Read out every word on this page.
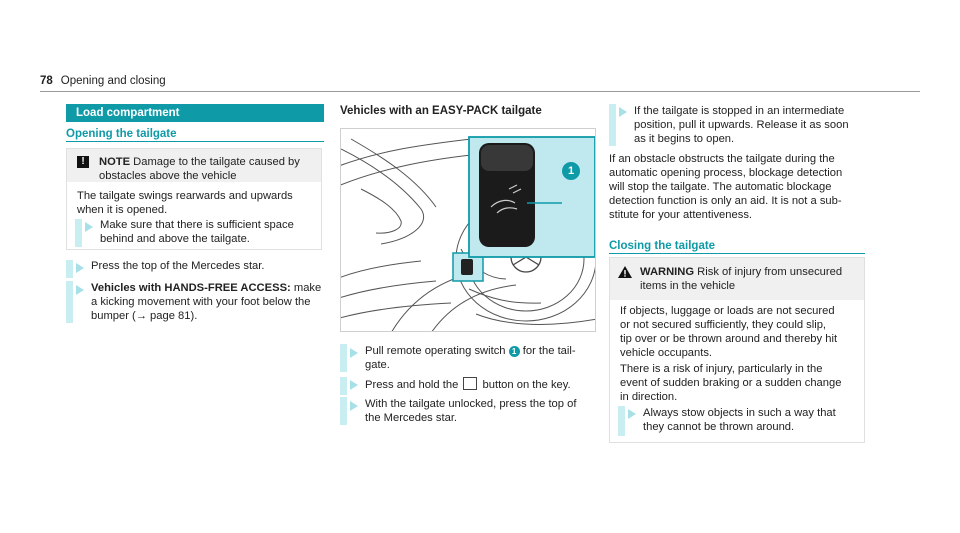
78 Opening and closing
Load compartment
Opening the tailgate
!	NOTE Damage to the tailgate caused by
obstacles above the vehicle
The tailgate swings rearwards and upwards
when it is opened.
Make sure that there is sufficient space
behind and above the tailgate.
Press the top of the Mercedes star.
Vehicles with HANDS-FREE ACCESS: make
a kicking movement with your foot below the
bumper (→ page 81).
Vehicles with an EASY-PACK tailgate
1
Pull remote operating switch 1 for the tail-
gate.
Press and hold the  button on the key.
With the tailgate unlocked, press the top of
the Mercedes star.
If the tailgate is stopped in an intermediate
position, pull it upwards. Release it as soon
as it begins to open.
If an obstacle obstructs the tailgate during the
automatic opening process, blockage detection
will stop the tailgate. The automatic blockage
detection function is only an aid. It is not a sub-
stitute for your attentiveness.
Closing the tailgate
WARNING Risk of injury from unsecured
items in the vehicle
If objects, luggage or loads are not secured
or not secured sufficiently, they could slip,
tip over or be thrown around and thereby hit
vehicle occupants.
There is a risk of injury, particularly in the
event of sudden braking or a sudden change
in direction.
Always stow objects in such a way that
they cannot be thrown around.
